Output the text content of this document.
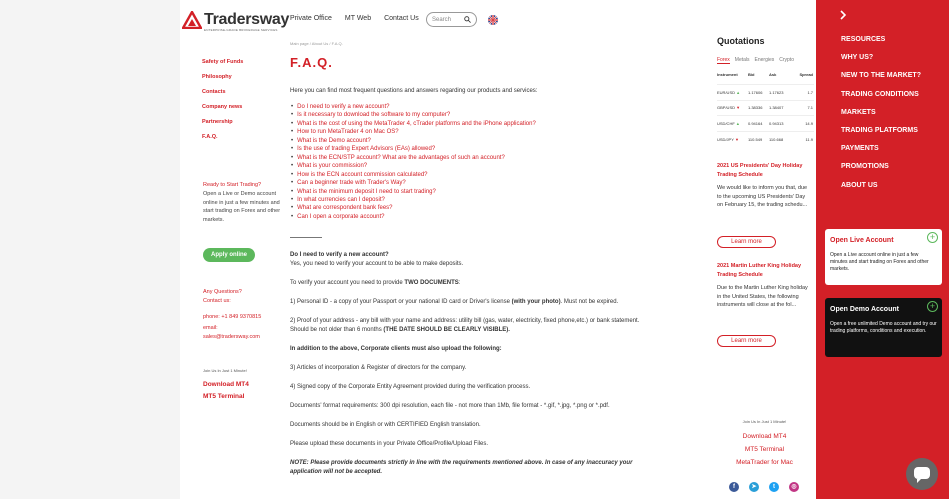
Tradersway
ENTERPRISE-GRADE BROKERAGE SERVICES
Private Office MT Web Contact Us Search
Safety of Funds
Philosophy
Contacts
Company news
Partnership
F.A.Q.
Ready to Start Trading?
Open a Live or Demo account online in just a few minutes and start trading on Forex and other markets.
Apply online
Any Questions?
Contact us:
phone: +1 849 9370815
email:
sales@tradersway.com
Join Us In Just 1 Minute!
Download MT4
MT5 Terminal
Main page / About Us / F.A.Q.
F.A.Q.
Here you can find most frequent questions and answers regarding our products and services:
• Do I need to verify a new account?
• Is it necessary to download the software to my computer?
• What is the cost of using the MetaTrader 4, cTrader platforms and the iPhone application?
• How to run MetaTrader 4 on Mac OS?
• What is the Demo account?
• Is the use of trading Expert Advisors (EAs) allowed?
• What is the ECN/STP account? What are the advantages of such an account?
• What is your commission?
• How is the ECN account commission calculated?
• Can a beginner trade with Trader's Way?
• What is the minimum deposit I need to start trading?
• In what currencies can I deposit?
• What are correspondent bank fees?
• Can I open a corporate account?
Do I need to verify a new account?

Yes, you need to verify your account to be able to make deposits.

To verify your account you need to provide TWO DOCUMENTS:

1) Personal ID - a copy of your Passport or your national ID card or Driver's license (with your photo). Must not be expired.

2) Proof of your address - any bill with your name and address: utility bill (gas, water, electricity, fixed phone,etc.) or bank statement. Should be not older than 6 months (THE DATE SHOULD BE CLEARLY VISIBLE).

In addition to the above, Corporate clients must also upload the following:

3) Articles of incorporation & Register of directors for the company.

4) Signed copy of the Corporate Entity Agreement provided during the verification process.

Documents' format requirements: 300 dpi resolution, each file - not more than 1Mb, file format - *.gif, *.jpg, *.png or *.pdf.

Documents should be in English or with CERTIFIED English translation.

Please upload these documents in your Private Office/Profile/Upload Files.

NOTE: Please provide documents strictly in line with the requirements mentioned above. In case of any inaccuracy your application will not be accepted.

Quotations
Forex Metals Energies Crypto
Instrument	Bid	Ask	Spread
EUR/USD ▲	1.17606	1.17623	1.7
GBP/USD ▼	1.38336	1.38407	7.1
USD/CHF ▲	0.94164	0.94313	14.9
USD/JPY ▼	110.549	110.668	11.9
2021 US Presidents' Day Holiday Trading Schedule
We would like to inform you that, due to the upcoming US Presidents' Day on February 15, the trading schedu...
Learn more
2021 Martin Luther King Holiday Trading Schedule
Due to the Martin Luther King holiday in the United States, the following instruments will close at the fol...
Learn more
Join Us In Just 1 Minute!
Download MT4
MT5 Terminal
MetaTrader for Mac
f	➤	t	◎
RESOURCES
WHY US?
NEW TO THE MARKET?
TRADING CONDITIONS
MARKETS
TRADING PLATFORMS
PAYMENTS
PROMOTIONS
ABOUT US
+
Open Live Account
Open a Live account online in just a few minutes and start trading on Forex and other markets.
+
Open Demo Account
Open a free unlimited Demo account and try our trading platforms, conditions and execution.
